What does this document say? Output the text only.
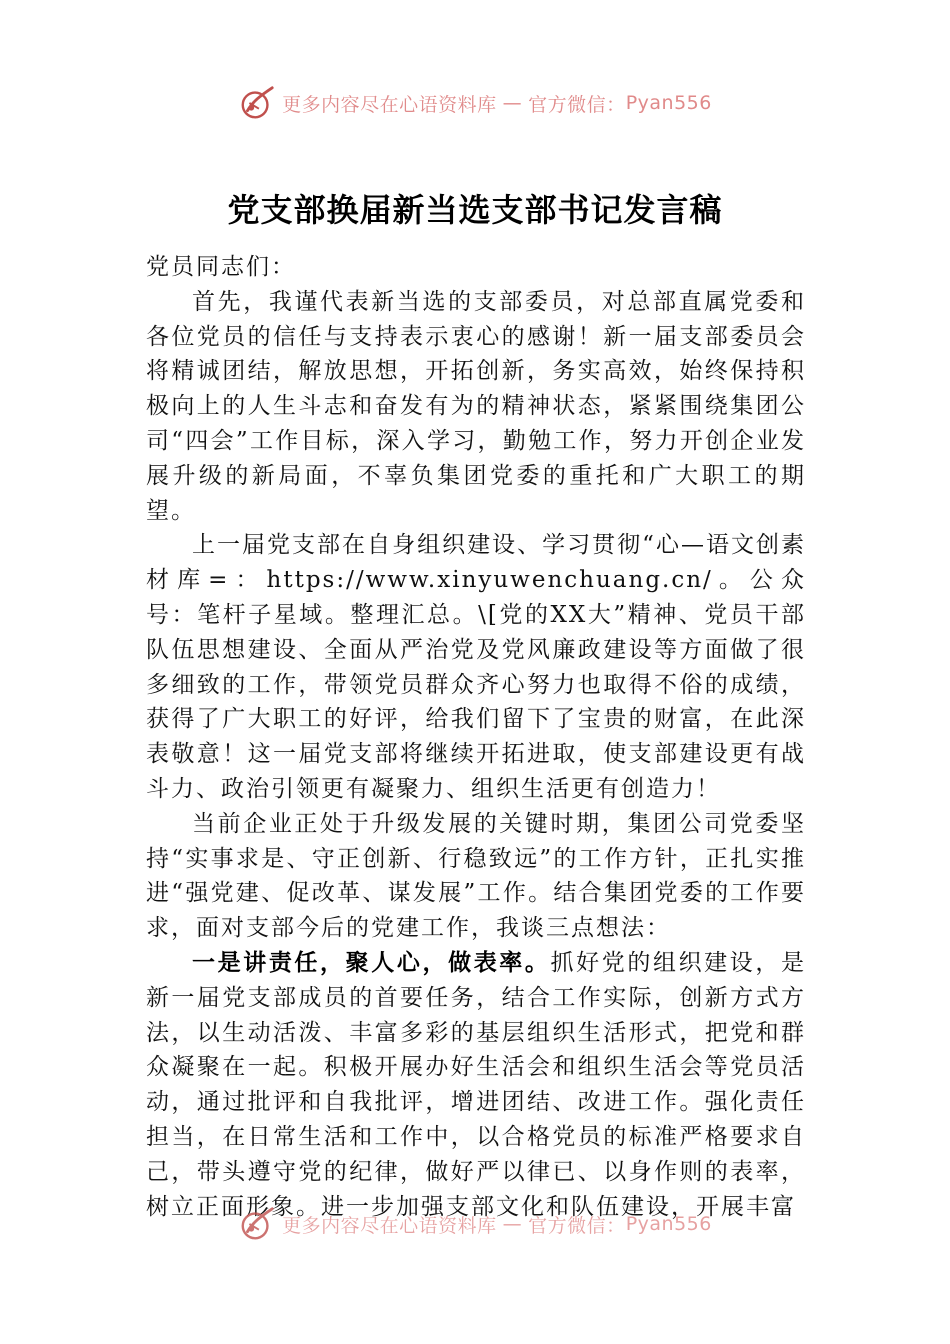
更多内容尽在心语资料库 — 官方微信： Pyan556
党支部换届新当选支部书记发言稿

党员同志们：

首先，我谨代表新当选的支部委员，对总部直属党委和各位党员的信任与支持表示衷心的感谢！新一届支部委员会将精诚团结，解放思想，开拓创新，务实高效，始终保持积极向上的人生斗志和奋发有为的精神状态，紧紧围绕集团公司“四会”工作目标，深入学习，勤勉工作，努力开创企业发展升级的新局面，不辜负集团党委的重托和广大职工的期望。

上一届党支部在自身组织建设、学习贯彻“心—语文创素材库=：https://www.xinyuwenchuang.cn/。公众号：笔杆子星域。整理汇总。\[党的XX大”精神、党员干部队伍思想建设、全面从严治党及党风廉政建设等方面做了很多细致的工作，带领党员群众齐心努力也取得不俗的成绩，获得了广大职工的好评，给我们留下了宝贵的财富，在此深表敬意！这一届党支部将继续开拓进取，使支部建设更有战斗力、政治引领更有凝聚力、组织生活更有创造力！

当前企业正处于升级发展的关键时期，集团公司党委坚持“实事求是、守正创新、行稳致远”的工作方针，正扎实推进“强党建、促改革、谋发展”工作。结合集团党委的工作要求，面对支部今后的党建工作，我谈三点想法：

一是讲责任，聚人心，做表率。抓好党的组织建设，是新一届党支部成员的首要任务，结合工作实际，创新方式方法，以生动活泼、丰富多彩的基层组织生活形式，把党和群众凝聚在一起。积极开展办好生活会和组织生活会等党员活动，通过批评和自我批评，增进团结、改进工作。强化责任担当，在日常生活和工作中，以合格党员的标准严格要求自己，带头遵守党的纪律，做好严以律已、以身作则的表率，树立正面形象。进一步加强支部文化和队伍建设，开展丰富

更多内容尽在心语资料库 — 官方微信： Pyan556
